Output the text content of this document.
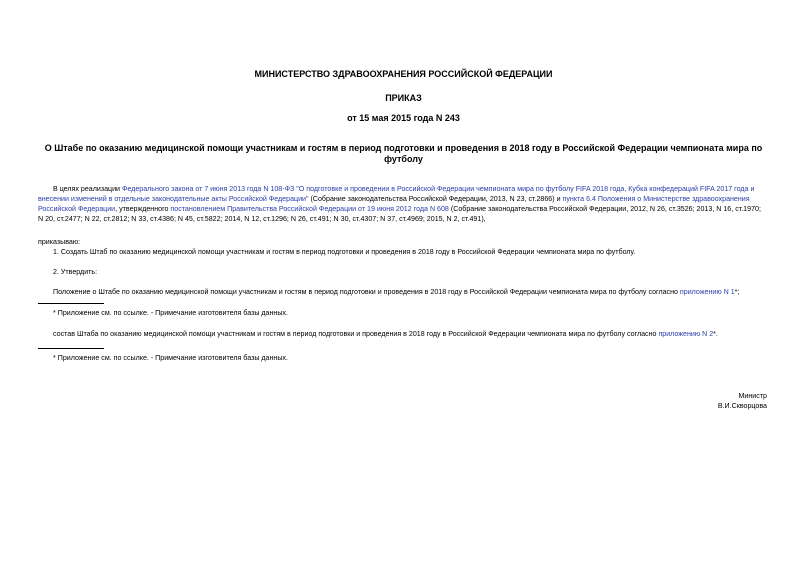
МИНИСТЕРСТВО ЗДРАВООХРАНЕНИЯ РОССИЙСКОЙ ФЕДЕРАЦИИ
ПРИКАЗ
от 15 мая 2015 года N 243
О Штабе по оказанию медицинской помощи участникам и гостям в период подготовки и проведения в 2018 году в Российской Федерации чемпионата мира по футболу
В целях реализации Федерального закона от 7 июня 2013 года N 108-ФЗ "О подготовке и проведении в Российской Федерации чемпионата мира по футболу FIFA 2018 года, Кубка конфедераций FIFA 2017 года и внесении изменений в отдельные законодательные акты Российской Федерации" (Собрание законодательства Российской Федерации, 2013, N 23, ст.2866) и пункта 6.4 Положения о Министерстве здравоохранения Российской Федерации, утвержденного постановлением Правительства Российской Федерации от 19 июня 2012 года N 608 (Собрание законодательства Российской Федерации, 2012, N 26, ст.3526; 2013, N 16, ст.1970; N 20, ст.2477; N 22, ст.2812; N 33, ст.4386; N 45, ст.5822; 2014, N 12, ст.1296; N 26, ст.491; N 30, ст.4307; N 37, ст.4969; 2015, N 2, ст.491),
приказываю:
1. Создать Штаб по оказанию медицинской помощи участникам и гостям в период подготовки и проведения в 2018 году в Российской Федерации чемпионата мира по футболу.
2. Утвердить:
Положение о Штабе по оказанию медицинской помощи участникам и гостям в период подготовки и проведения в 2018 году в Российской Федерации чемпионата мира по футболу согласно приложению N 1*;
* Приложение см. по ссылке. - Примечание изготовителя базы данных.
состав Штаба по оказанию медицинской помощи участникам и гостям в период подготовки и проведения в 2018 году в Российской Федерации чемпионата мира по футболу согласно приложению N 2*.
* Приложение см. по ссылке. - Примечание изготовителя базы данных.
Министр
В.И.Скворцова
